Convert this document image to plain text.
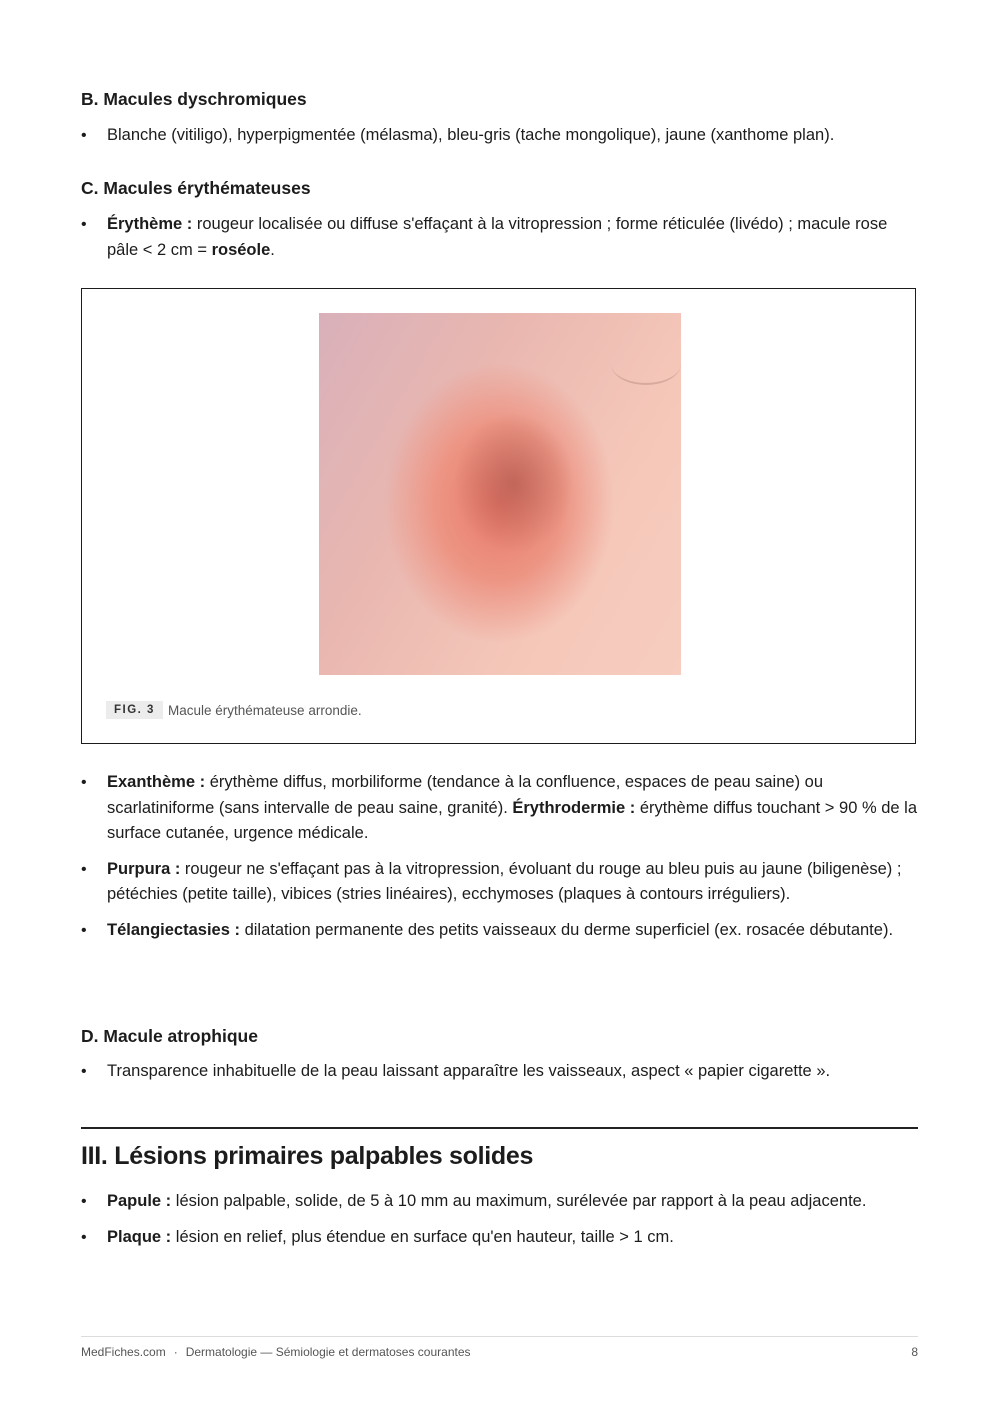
B. Macules dyschromiques
• Blanche (vitiligo), hyperpigmentée (mélasma), bleu-gris (tache mongolique), jaune (xanthome plan).
C. Macules érythémateuses
• Érythème : rougeur localisée ou diffuse s'effaçant à la vitropression ; forme réticulée (livédo) ; macule rose pâle < 2 cm = roséole.
FIG. 3 Macule érythémateuse arrondie.
• Exanthème : érythème diffus, morbiliforme (tendance à la confluence, espaces de peau saine) ou scarlatiniforme (sans intervalle de peau saine, granité). Érythrodermie : érythème diffus touchant > 90 % de la surface cutanée, urgence médicale.
• Purpura : rougeur ne s'effaçant pas à la vitropression, évoluant du rouge au bleu puis au jaune (biligenèse) ; pétéchies (petite taille), vibices (stries linéaires), ecchymoses (plaques à contours irréguliers).
• Télangiectasies : dilatation permanente des petits vaisseaux du derme superficiel (ex. rosacée débutante).
D. Macule atrophique
• Transparence inhabituelle de la peau laissant apparaître les vaisseaux, aspect « papier cigarette ».
III. Lésions primaires palpables solides
• Papule : lésion palpable, solide, de 5 à 10 mm au maximum, surélevée par rapport à la peau adjacente.
• Plaque : lésion en relief, plus étendue en surface qu'en hauteur, taille > 1 cm.
MedFiches.com · Dermatologie — Sémiologie et dermatoses courantes	8
